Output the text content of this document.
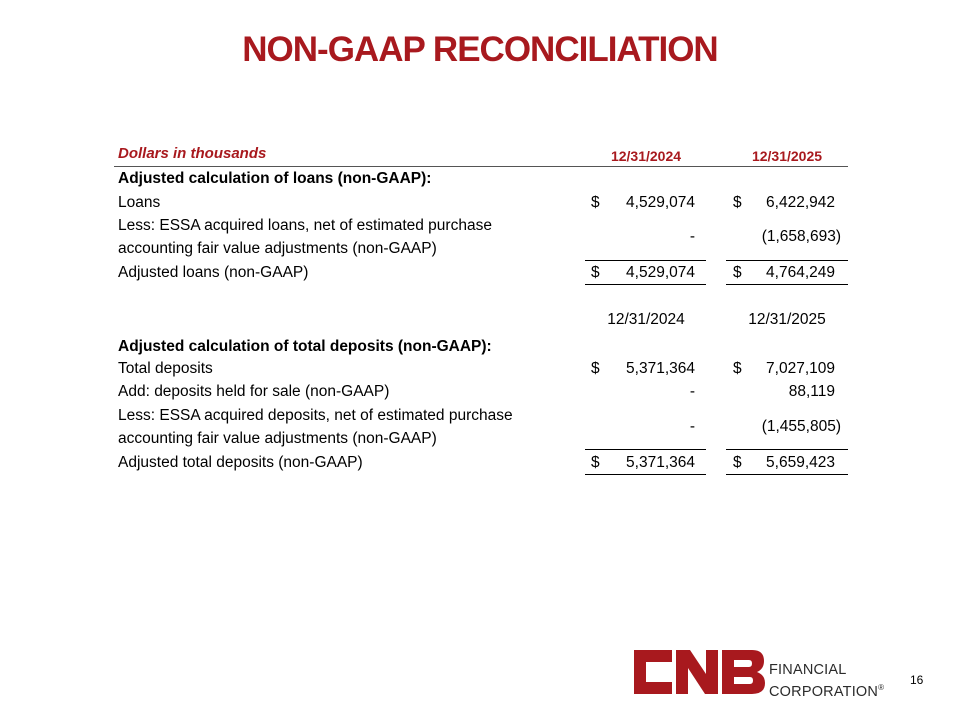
NON-GAAP RECONCILIATION
Dollars in thousands	12/31/2024	12/31/2025
Adjusted calculation of loans (non-GAAP):
Loans	$ 4,529,074 $ 6,422,942
Less: ESSA acquired loans, net of estimated purchase
accounting fair value adjustments (non-GAAP)
-	(1,658,693)
Adjusted loans (non-GAAP)	$ 4,529,074 $ 4,764,249
12/31/2024	12/31/2025
Adjusted calculation of total deposits (non-GAAP):
Total deposits	$ 5,371,364 $ 7,027,109
Add: deposits held for sale (non-GAAP)	-	88,119
Less: ESSA acquired deposits, net of estimated purchase
accounting fair value adjustments (non-GAAP)
-	(1,455,805)
Adjusted total deposits (non-GAAP)	$ 5,371,364 $ 5,659,423
FINANCIAL
CORPORATION®
16
